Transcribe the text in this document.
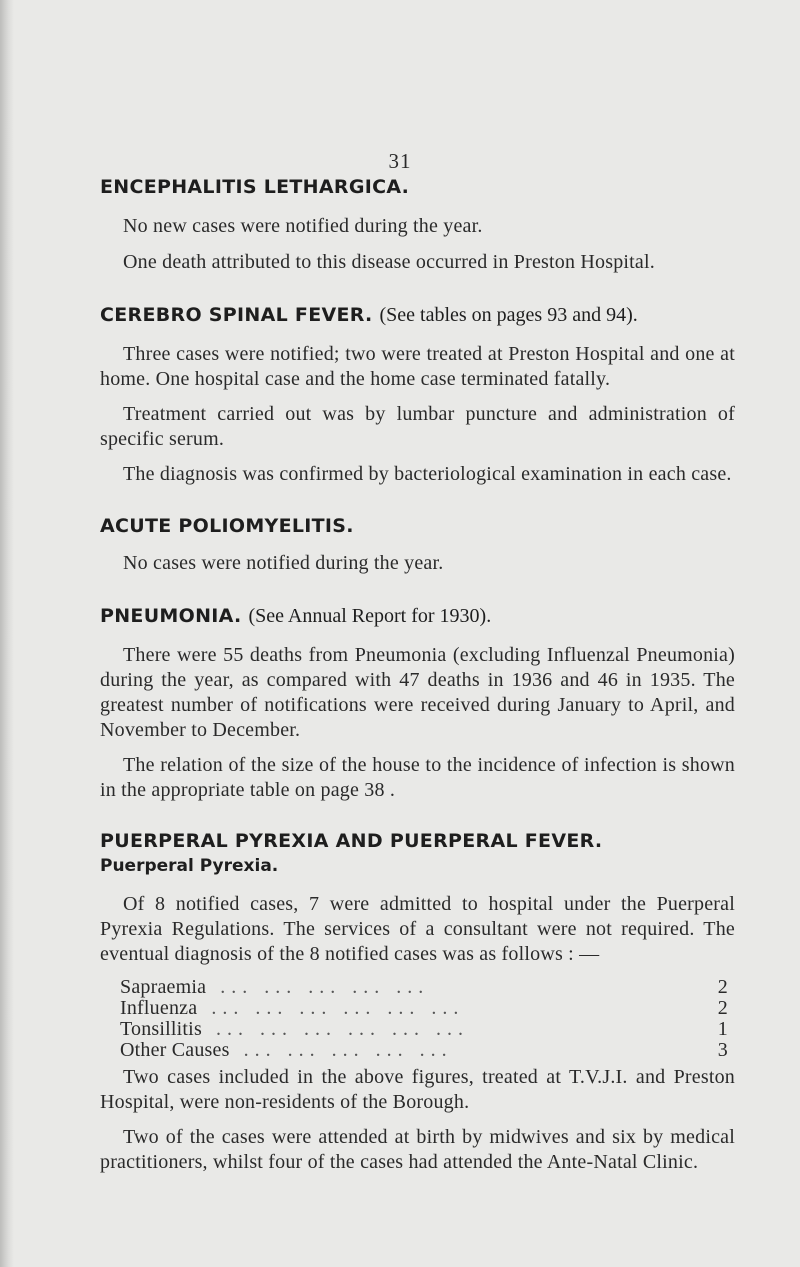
31
ENCEPHALITIS LETHARGICA.

No new cases were notified during the year.

One death attributed to this disease occurred in Preston Hospital.

CEREBRO SPINAL FEVER. (See tables on pages 93 and 94).

Three cases were notified; two were treated at Preston Hospital and one at home. One hospital case and the home case terminated fatally.

Treatment carried out was by lumbar puncture and administration of specific serum.

The diagnosis was confirmed by bacteriological examination in each case.

ACUTE POLIOMYELITIS.

No cases were notified during the year.

PNEUMONIA. (See Annual Report for 1930).

There were 55 deaths from Pneumonia (excluding Influenzal Pneumonia) during the year, as compared with 47 deaths in 1936 and 46 in 1935. The greatest number of notifications were received during January to April, and November to December.

The relation of the size of the house to the incidence of infection is shown in the appropriate table on page 38 .

PUERPERAL PYREXIA AND PUERPERAL FEVER.
Puerperal Pyrexia.

Of 8 notified cases, 7 were admitted to hospital under the Puerperal Pyrexia Regulations. The services of a consultant were not required. The eventual diagnosis of the 8 notified cases was as follows : —

Sapraemia ... ... ... ... ...	2
Influenza ... ... ... ... ... ...	2
Tonsillitis ... ... ... ... ... ...	1
Other Causes ... ... ... ... ...	3

Two cases included in the above figures, treated at T.V.J.I. and Preston Hospital, were non-residents of the Borough.

Two of the cases were attended at birth by midwives and six by medical practitioners, whilst four of the cases had attended the Ante-Natal Clinic.
